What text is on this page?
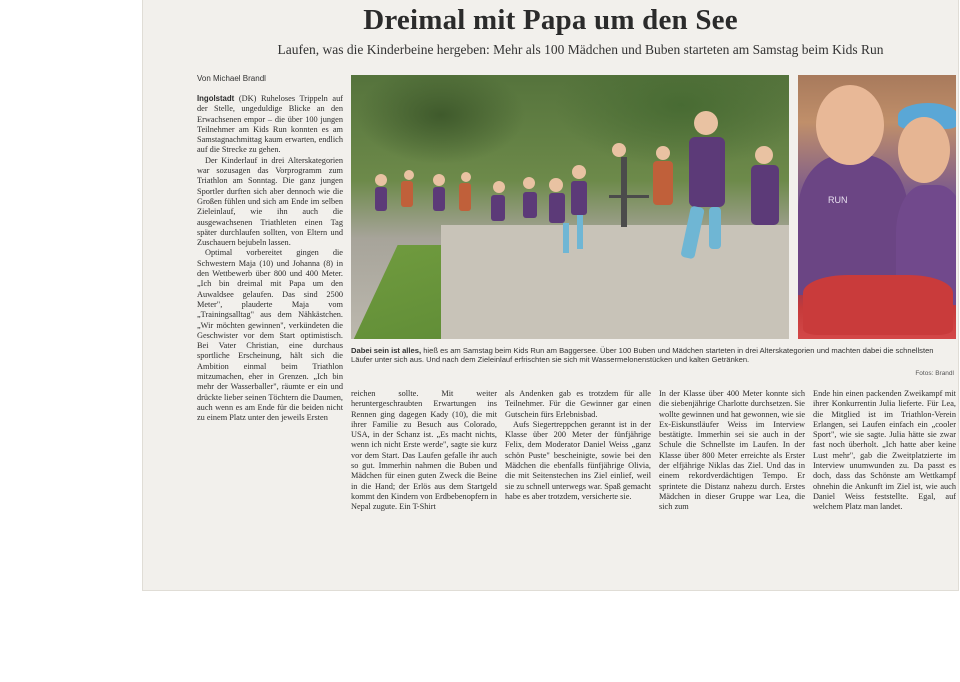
Dreimal mit Papa um den See
Laufen, was die Kinderbeine hergeben: Mehr als 100 Mädchen und Buben starteten am Samstag beim Kids Run
Von Michael Brandl

Ingolstadt (DK) Ruheloses Trippeln auf der Stelle, ungeduldige Blicke an den Erwachsenen empor – die über 100 jungen Teilnehmer am Kids Run konnten es am Samstagnachmittag kaum erwarten, endlich auf die Strecke zu gehen.

Der Kinderlauf in drei Alterskategorien war sozusagen das Vorprogramm zum Triathlon am Sonntag. Die ganz jungen Sportler durften sich aber dennoch wie die Großen fühlen und sich am Ende im selben Zieleinlauf, wie ihn auch die ausgewachsenen Triathleten einen Tag später durchlaufen sollten, von Eltern und Zuschauern bejubeln lassen.

Optimal vorbereitet gingen die Schwestern Maja (10) und Johanna (8) in den Wettbewerb über 800 und 400 Meter. „Ich bin dreimal mit Papa um den Auwaldsee gelaufen. Das sind 2500 Meter", plauderte Maja vom „Trainingsalltag" aus dem Nähkästchen. „Wir möchten gewinnen", verkündeten die Geschwister vor dem Start optimistisch. Bei Vater Christian, eine durchaus sportliche Erscheinung, hält sich die Ambition einmal beim Triathlon mitzumachen, eher in Grenzen. „Ich bin mehr der Wasserballer", räumte er ein und drückte lieber seinen Töchtern die Daumen, auch wenn es am Ende für die beiden nicht zu einem Platz unter den jeweils Ersten

RUN

Dabei sein ist alles, hieß es am Samstag beim Kids Run am Baggersee. Über 100 Buben und Mädchen starteten in drei Alterskategorien und machten dabei die schnellsten Läufer unter sich aus. Und nach dem Zieleinlauf erfrischten sie sich mit Wassermelonenstücken und kalten Getränken.

Fotos: Brandl

reichen sollte. Mit weiter heruntergeschraubten Erwartungen ins Rennen ging dagegen Kady (10), die mit ihrer Familie zu Besuch aus Colorado, USA, in der Schanz ist. „Es macht nichts, wenn ich nicht Erste werde", sagte sie kurz vor dem Start. Das Laufen gefalle ihr auch so gut. Immerhin nahmen die Buben und Mädchen für einen guten Zweck die Beine in die Hand; der Erlös aus dem Startgeld kommt den Kindern von Erdbebenopfern in Nepal zugute. Ein T-Shirt

als Andenken gab es trotzdem für alle Teilnehmer. Für die Gewinner gar einen Gutschein fürs Erlebnisbad.

Aufs Siegertreppchen gerannt ist in der Klasse über 200 Meter der fünfjährige Felix, dem Moderator Daniel Weiss „ganz schön Puste" bescheinigte, sowie bei den Mädchen die ebenfalls fünfjährige Olivia, die mit Seitenstechen ins Ziel einlief, weil sie zu schnell unterwegs war. Spaß gemacht habe es aber trotzdem, versicherte sie.

In der Klasse über 400 Meter konnte sich die siebenjährige Charlotte durchsetzen. Sie wollte gewinnen und hat gewonnen, wie sie Ex-Eiskunstläufer Weiss im Interview bestätigte. Immerhin sei sie auch in der Schule die Schnellste im Laufen. In der Klasse über 800 Meter erreichte als Erster der elfjährige Niklas das Ziel. Und das in einem rekordverdächtigen Tempo. Er sprintete die Distanz nahezu durch. Erstes Mädchen in dieser Gruppe war Lea, die sich zum

Ende hin einen packenden Zweikampf mit ihrer Konkurrentin Julia lieferte. Für Lea, die Mitglied ist im Triathlon-Verein Erlangen, sei Laufen einfach ein „cooler Sport", wie sie sagte. Julia hätte sie zwar fast noch überholt. „Ich hatte aber keine Lust mehr", gab die Zweitplatzierte im Interview unumwunden zu. Da passt es doch, dass das Schönste am Wettkampf ohnehin die Ankunft im Ziel ist, wie auch Daniel Weiss feststellte. Egal, auf welchem Platz man landet.
